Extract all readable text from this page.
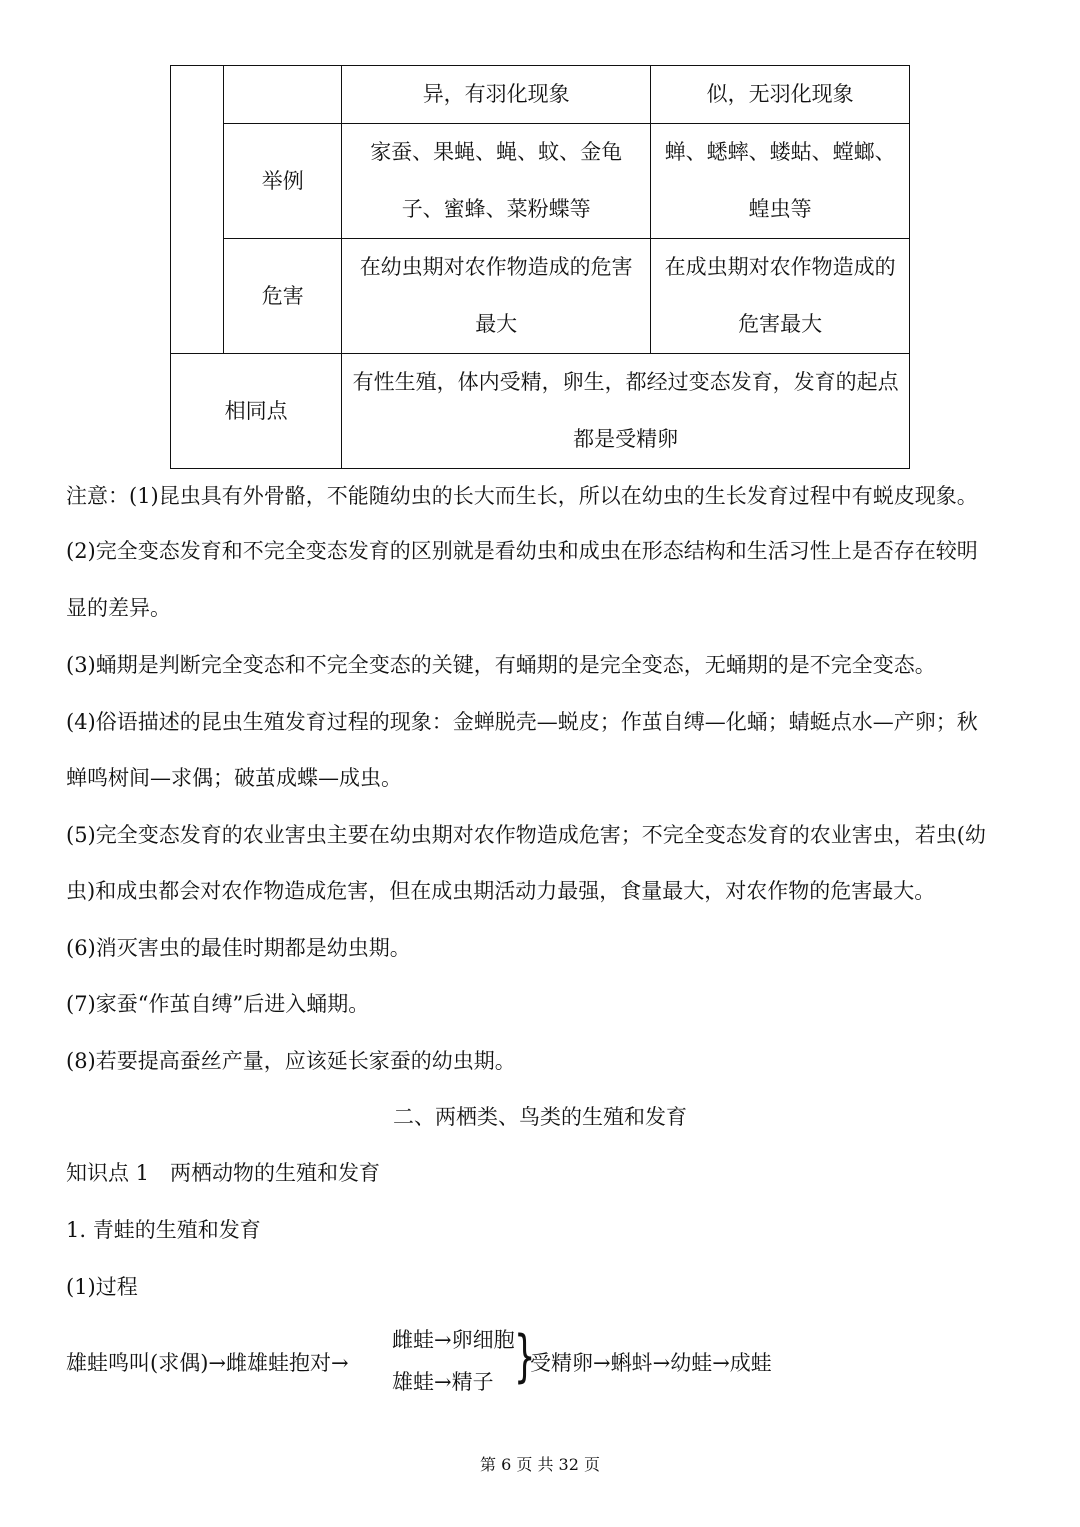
		异，有羽化现象	似，无羽化现象
	举例	家蚕、果蝇、蝇、蚊、金龟子、蜜蜂、菜粉蝶等	蝉、蟋蟀、蝼蛄、螳螂、蝗虫等
	危害	在幼虫期对农作物造成的危害最大	在成虫期对农作物造成的危害最大
相同点		有性生殖，体内受精，卵生，都经过变态发育，发育的起点都是受精卵	
注意：(1)昆虫具有外骨骼，不能随幼虫的长大而生长，所以在幼虫的生长发育过程中有蜕皮现象。
(2)完全变态发育和不完全变态发育的区别就是看幼虫和成虫在形态结构和生活习性上是否存在较明
显的差异。
(3)蛹期是判断完全变态和不完全变态的关键，有蛹期的是完全变态，无蛹期的是不完全变态。
(4)俗语描述的昆虫生殖发育过程的现象：金蝉脱壳—蜕皮；作茧自缚—化蛹；蜻蜓点水—产卵；秋
蝉鸣树间—求偶；破茧成蝶—成虫。
(5)完全变态发育的农业害虫主要在幼虫期对农作物造成危害；不完全变态发育的农业害虫，若虫(幼
虫)和成虫都会对农作物造成危害，但在成虫期活动力最强，食量最大，对农作物的危害最大。
(6)消灭害虫的最佳时期都是幼虫期。
(7)家蚕“作茧自缚”后进入蛹期。
(8)若要提高蚕丝产量，应该延长家蚕的幼虫期。
二、两栖类、鸟类的生殖和发育
知识点 1　两栖动物的生殖和发育
1. 青蛙的生殖和发育
(1)过程
雄蛙鸣叫(求偶)→雌雄蛙抱对→
雌蛙→卵细胞
雄蛙→精子 }
受精卵→蝌蚪→幼蛙→成蛙
第 6 页 共 32 页
